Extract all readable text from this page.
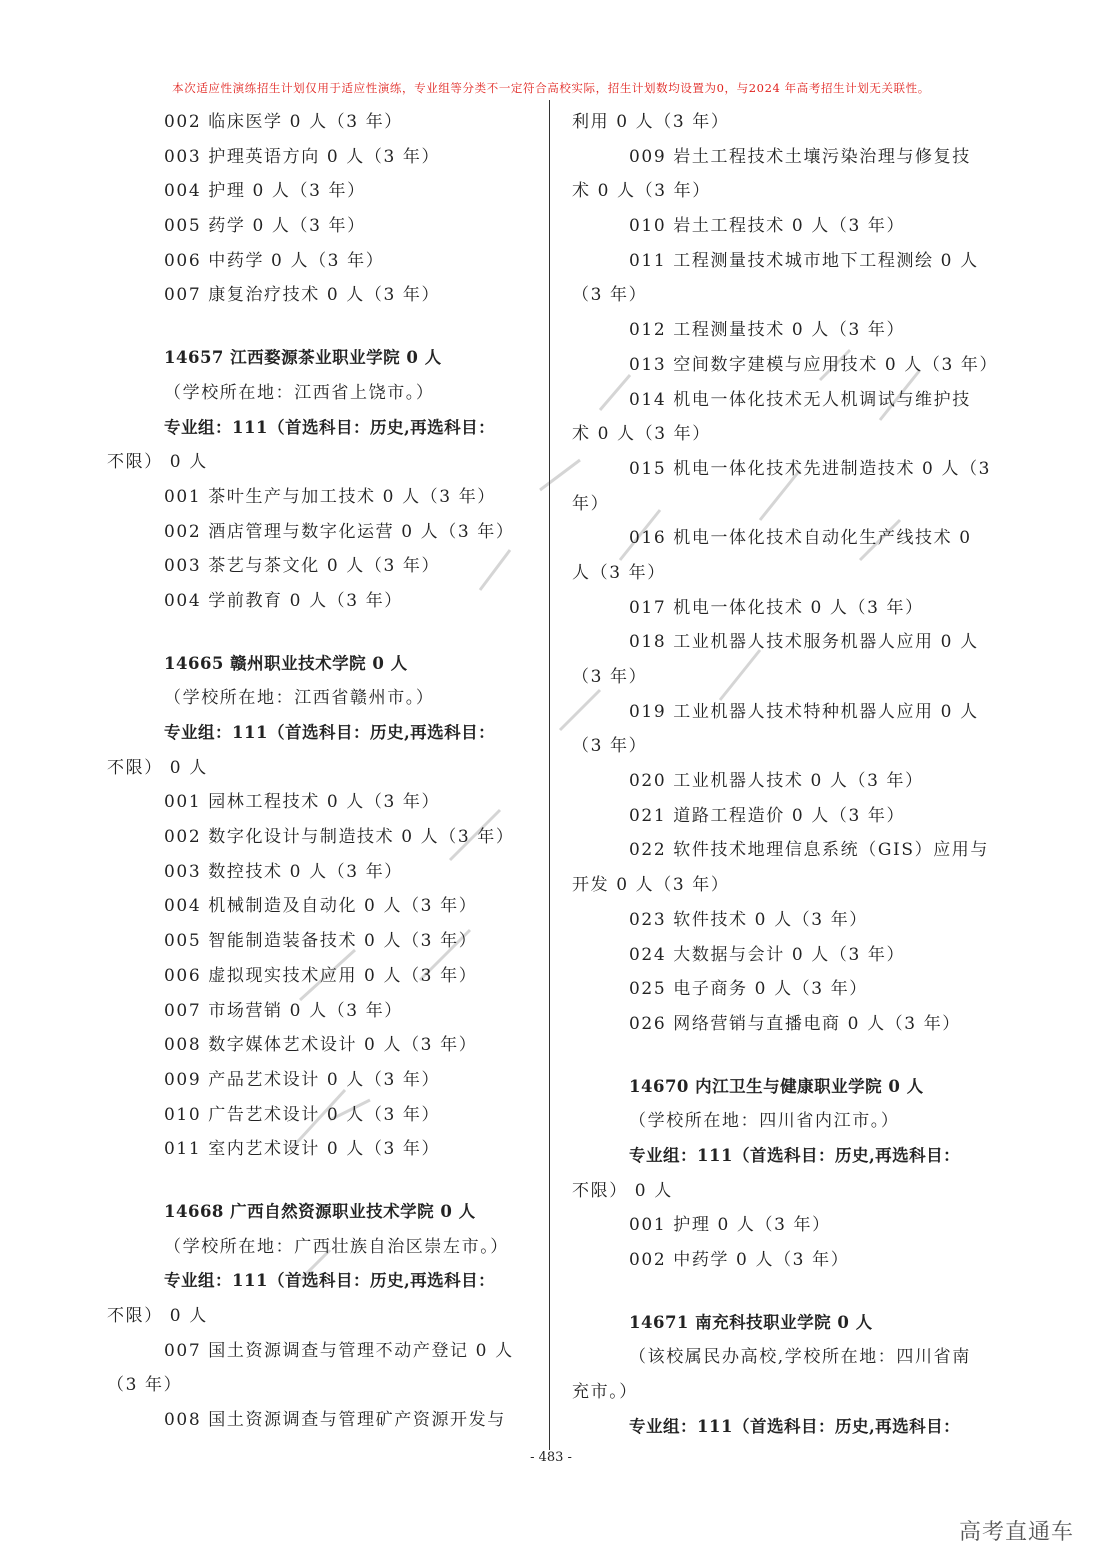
本次适应性演练招生计划仅用于适应性演练，专业组等分类不一定符合高校实际，招生计划数均设置为0，与2024 年高考招生计划无关联性。
002 临床医学 0 人（3 年）
003 护理英语方向 0 人（3 年）
004 护理 0 人（3 年）
005 药学 0 人（3 年）
006 中药学 0 人（3 年）
007 康复治疗技术 0 人（3 年）
14657 江西婺源茶业职业学院 0 人
（学校所在地：江西省上饶市。）
专业组：111（首选科目：历史,再选科目：
不限） 0 人
001 茶叶生产与加工技术 0 人（3 年）
002 酒店管理与数字化运营 0 人（3 年）
003 茶艺与茶文化 0 人（3 年）
004 学前教育 0 人（3 年）
14665 赣州职业技术学院 0 人
（学校所在地：江西省赣州市。）
专业组：111（首选科目：历史,再选科目：
不限） 0 人
001 园林工程技术 0 人（3 年）
002 数字化设计与制造技术 0 人（3 年）
003 数控技术 0 人（3 年）
004 机械制造及自动化 0 人（3 年）
005 智能制造装备技术 0 人（3 年）
006 虚拟现实技术应用 0 人（3 年）
007 市场营销 0 人（3 年）
008 数字媒体艺术设计 0 人（3 年）
009 产品艺术设计 0 人（3 年）
010 广告艺术设计 0 人（3 年）
011 室内艺术设计 0 人（3 年）
14668 广西自然资源职业技术学院 0 人
（学校所在地：广西壮族自治区崇左市。）
专业组：111（首选科目：历史,再选科目：
不限） 0 人
007 国土资源调查与管理不动产登记 0 人
（3 年）
008 国土资源调查与管理矿产资源开发与
利用 0 人（3 年）
009 岩土工程技术土壤污染治理与修复技
术 0 人（3 年）
010 岩土工程技术 0 人（3 年）
011 工程测量技术城市地下工程测绘 0 人
（3 年）
012 工程测量技术 0 人（3 年）
013 空间数字建模与应用技术 0 人（3 年）
014 机电一体化技术无人机调试与维护技
术 0 人（3 年）
015 机电一体化技术先进制造技术 0 人（3
年）
016 机电一体化技术自动化生产线技术 0
人（3 年）
017 机电一体化技术 0 人（3 年）
018 工业机器人技术服务机器人应用 0 人
（3 年）
019 工业机器人技术特种机器人应用 0 人
（3 年）
020 工业机器人技术 0 人（3 年）
021 道路工程造价 0 人（3 年）
022 软件技术地理信息系统（GIS）应用与
开发 0 人（3 年）
023 软件技术 0 人（3 年）
024 大数据与会计 0 人（3 年）
025 电子商务 0 人（3 年）
026 网络营销与直播电商 0 人（3 年）
14670 内江卫生与健康职业学院 0 人
（学校所在地：四川省内江市。）
专业组：111（首选科目：历史,再选科目：
不限） 0 人
001 护理 0 人（3 年）
002 中药学 0 人（3 年）
14671 南充科技职业学院 0 人
（该校属民办高校,学校所在地：四川省南
充市。）
专业组：111（首选科目：历史,再选科目：
- 483 -
高考直通车
